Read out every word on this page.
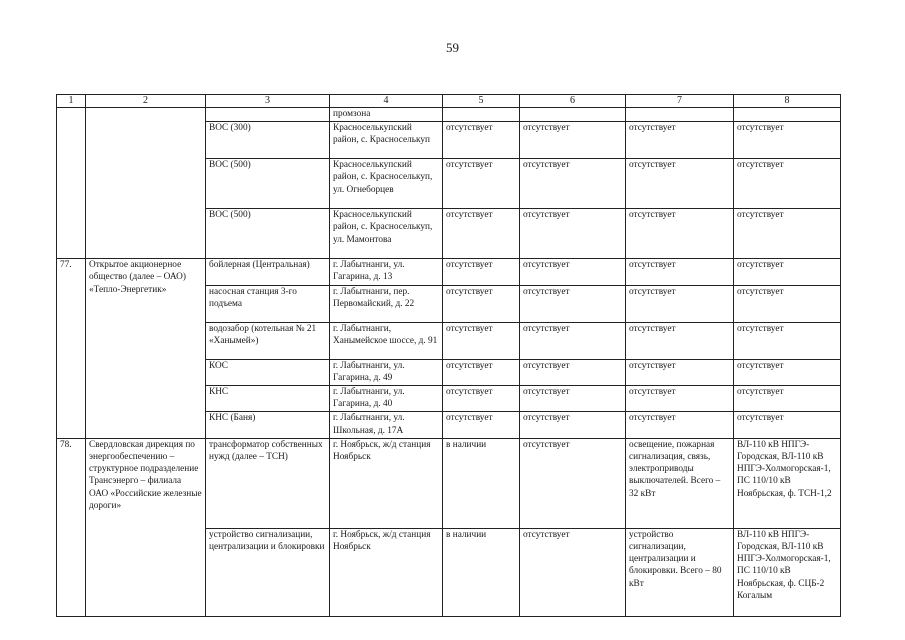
59
1	2	3	4	5	6	7	8
			промзона				
		ВОС (300)	Красноселькупский район, с. Красноселькуп	отсутствует	отсутствует	отсутствует	отсутствует
		ВОС (500)	Красноселькупский район, с. Красноселькуп, ул. Огнеборцев	отсутствует	отсутствует	отсутствует	отсутствует
		ВОС (500)	Красноселькупский район, с. Красноселькуп, ул. Мамонтова	отсутствует	отсутствует	отсутствует	отсутствует
77.	Открытое акционерное общество (далее – ОАО) «Тепло-Энергетик»	бойлерная (Центральная)	г. Лабытнанги, ул. Гагарина, д. 13	отсутствует	отсутствует	отсутствует	отсутствует
		насосная станция 3-го подъема	г. Лабытнанги, пер. Первомайский, д. 22	отсутствует	отсутствует	отсутствует	отсутствует
		водозабор (котельная № 21 «Ханымей»)	г. Лабытнанги, Ханымейское шоссе, д. 91	отсутствует	отсутствует	отсутствует	отсутствует
		КОС	г. Лабытнанги, ул. Гагарина, д. 49	отсутствует	отсутствует	отсутствует	отсутствует
		КНС	г. Лабытнанги, ул. Гагарина, д. 40	отсутствует	отсутствует	отсутствует	отсутствует
		КНС (Баня)	г. Лабытнанги, ул. Школьная, д. 17А	отсутствует	отсутствует	отсутствует	отсутствует
78.	Свердловская дирекция по энергообеспечению – структурное подразделение Трансэнерго – филиала ОАО «Российские железные дороги»	трансформатор собственных нужд (далее – ТСН)	г. Ноябрьск, ж/д станция Ноябрьск	в наличии	отсутствует	освещение, пожарная сигнализация, связь, электроприводы выключателей. Всего – 32 кВт	ВЛ-110 кВ НПГЭ-Городская, ВЛ-110 кВ НПГЭ-Холмогорская-1, ПС 110/10 кВ Ноябрьская, ф. ТСН-1,2
		устройство сигнализации, централизации и блокировки	г. Ноябрьск, ж/д станция Ноябрьск	в наличии	отсутствует	устройство сигнализации, централизации и блокировки. Всего – 80 кВт	ВЛ-110 кВ НПГЭ-Городская, ВЛ-110 кВ НПГЭ-Холмогорская-1, ПС 110/10 кВ Ноябрьская, ф. СЦБ-2 Когалым
